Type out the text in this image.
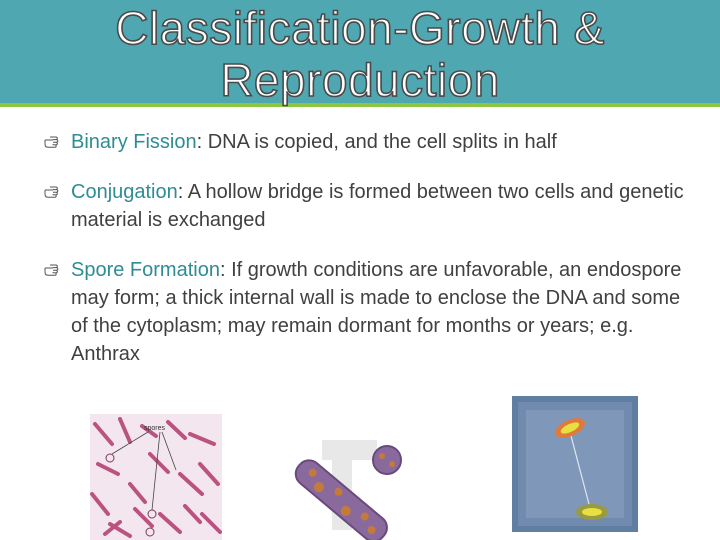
Classification-Growth &
Reproduction
Binary Fission: DNA is copied, and the cell splits in half
Conjugation: A hollow bridge is formed between two cells and genetic material is exchanged
Spore Formation: If growth conditions are unfavorable, an endospore may form; a thick internal wall is made to enclose the DNA and some of the cytoplasm; may remain dormant for months or years; e.g. Anthrax
spores
